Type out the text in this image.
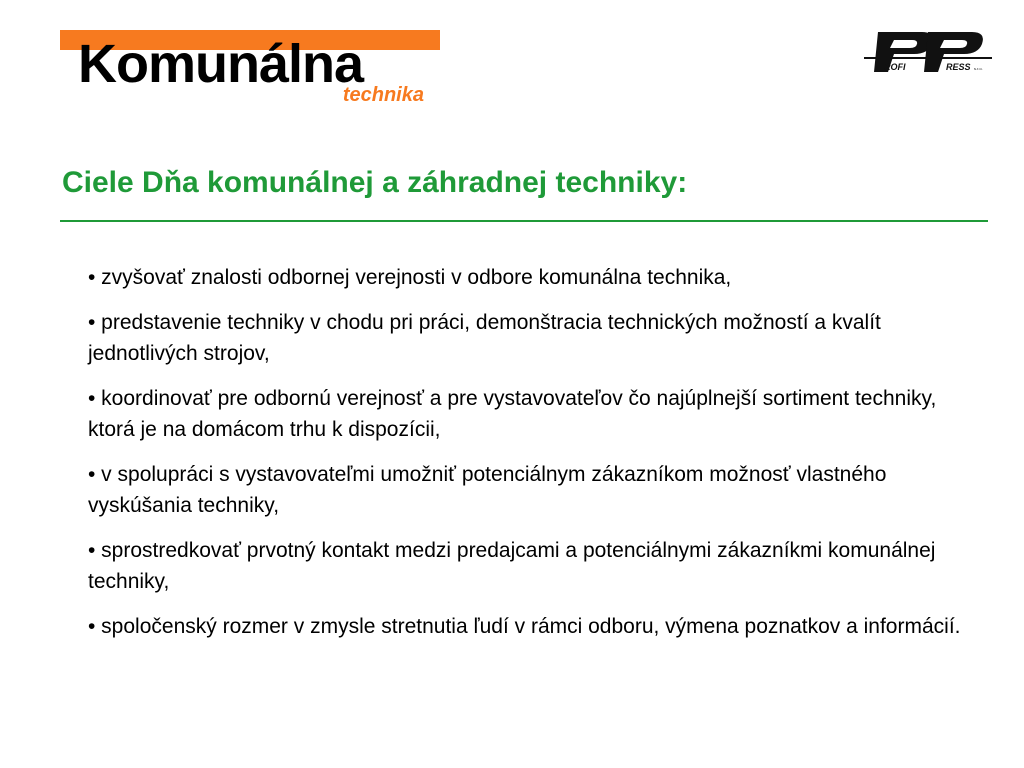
Komunálna
technika
ROFI	RESS s.r.o.
Ciele Dňa komunálnej a záhradnej techniky:
• zvyšovať znalosti odbornej verejnosti v odbore komunálna technika,
• predstavenie techniky v chodu pri práci, demonštracia technických možností a kvalít jednotlivých strojov,
• koordinovať pre odbornú verejnosť a pre vystavovateľov čo najúplnejší sortiment techniky, ktorá je na domácom trhu k dispozícii,
• v spolupráci s vystavovateľmi umožniť potenciálnym zákazníkom možnosť vlastného vyskúšania techniky,
• sprostredkovať prvotný kontakt medzi predajcami a potenciálnymi zákazníkmi komunálnej techniky,
• spoločenský rozmer v zmysle stretnutia ľudí v rámci odboru, výmena poznatkov a informácií.
